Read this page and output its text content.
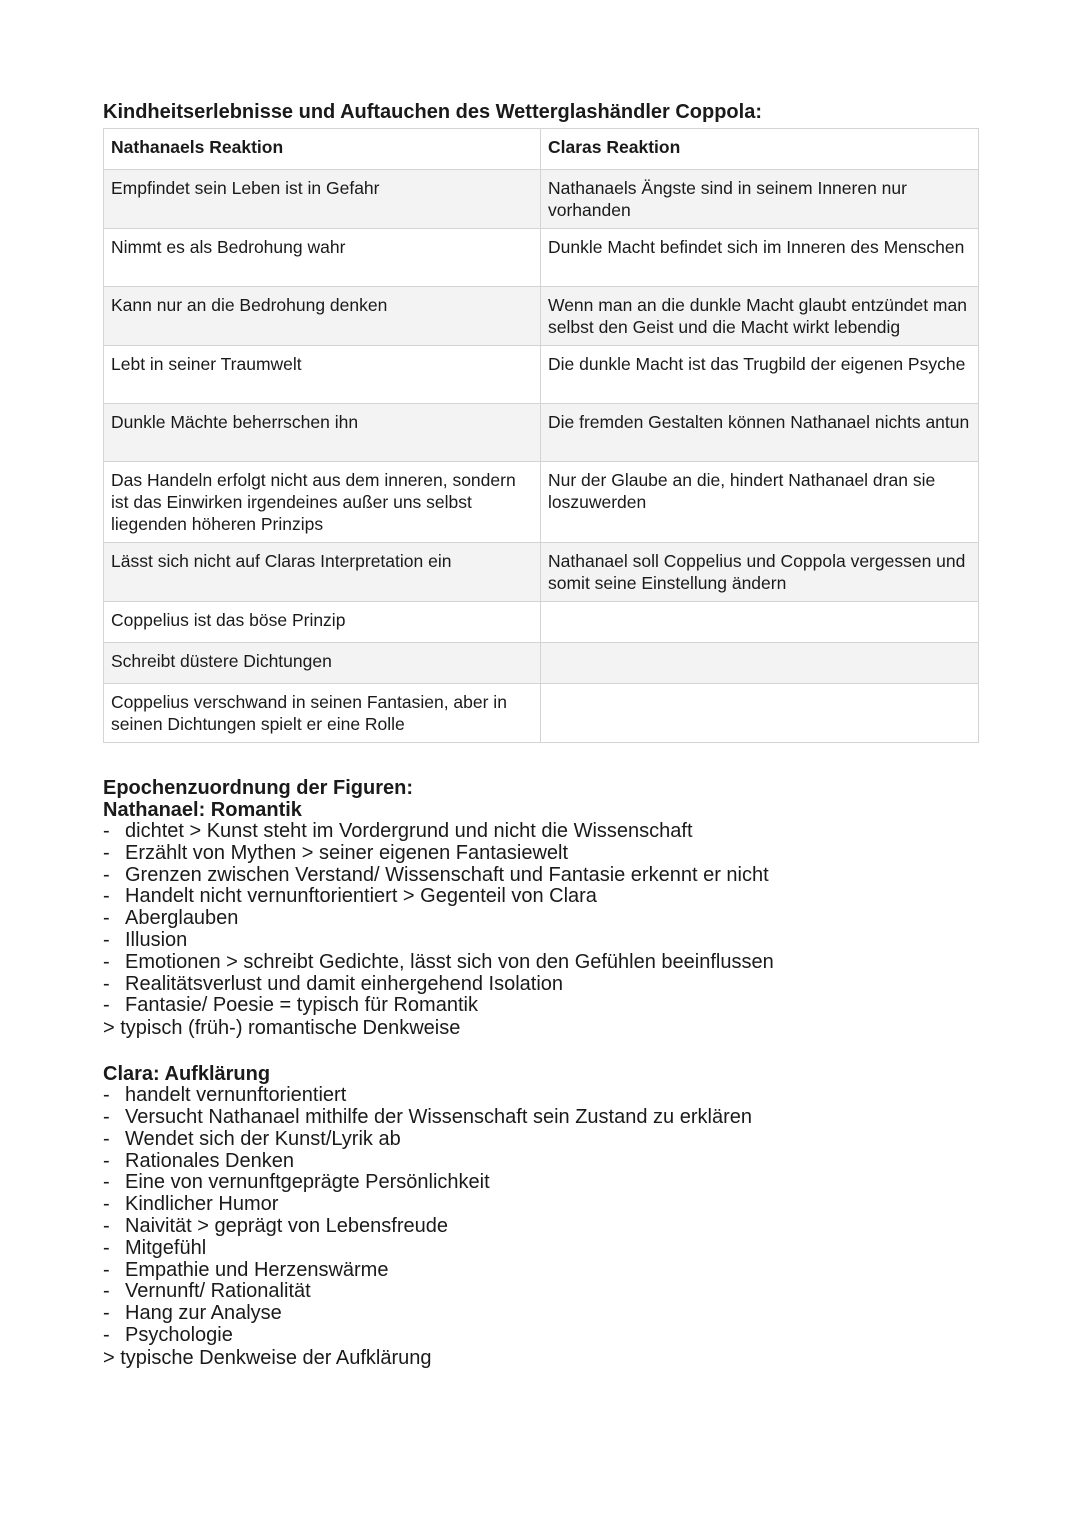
Kindheitserlebnisse und Auftauchen des Wetterglashändler Coppola:
Nathanaels Reaktion	Claras Reaktion
Empfindet sein Leben ist in Gefahr	Nathanaels Ängste sind in seinem Inneren nur vorhanden
Nimmt es als Bedrohung wahr	Dunkle Macht befindet sich im Inneren des Menschen
Kann nur an die Bedrohung denken	Wenn man an die dunkle Macht glaubt entzündet man selbst den Geist und die Macht wirkt lebendig
Lebt in seiner Traumwelt	Die dunkle Macht ist das Trugbild der eigenen Psyche
Dunkle Mächte beherrschen ihn	Die fremden Gestalten können Nathanael nichts antun
Das Handeln erfolgt nicht aus dem inneren, sondern ist das Einwirken irgendeines außer uns selbst liegenden höheren Prinzips	Nur der Glaube an die, hindert Nathanael dran sie loszuwerden
Lässt sich nicht auf Claras Interpretation ein	Nathanael soll Coppelius und Coppola vergessen und somit seine Einstellung ändern
Coppelius ist das böse Prinzip	
Schreibt düstere Dichtungen	
Coppelius verschwand in seinen Fantasien, aber in seinen Dichtungen spielt er eine Rolle	
Epochenzuordnung der Figuren:
Nathanael: Romantik
- dichtet > Kunst steht im Vordergrund und nicht die Wissenschaft
- Erzählt von Mythen > seiner eigenen Fantasiewelt
- Grenzen zwischen Verstand/ Wissenschaft und Fantasie erkennt er nicht
- Handelt nicht vernunftorientiert > Gegenteil von Clara
- Aberglauben
- Illusion
- Emotionen > schreibt Gedichte, lässt sich von den Gefühlen beeinflussen
- Realitätsverlust und damit einhergehend Isolation
- Fantasie/ Poesie = typisch für Romantik
> typisch (früh-) romantische Denkweise
Clara: Aufklärung
- handelt vernunftorientiert
- Versucht Nathanael mithilfe der Wissenschaft sein Zustand zu erklären
- Wendet sich der Kunst/Lyrik ab
- Rationales Denken
- Eine von vernunftgeprägte Persönlichkeit
- Kindlicher Humor
- Naivität > geprägt von Lebensfreude
- Mitgefühl
- Empathie und Herzenswärme
- Vernunft/ Rationalität
- Hang zur Analyse
- Psychologie
> typische Denkweise der Aufklärung
